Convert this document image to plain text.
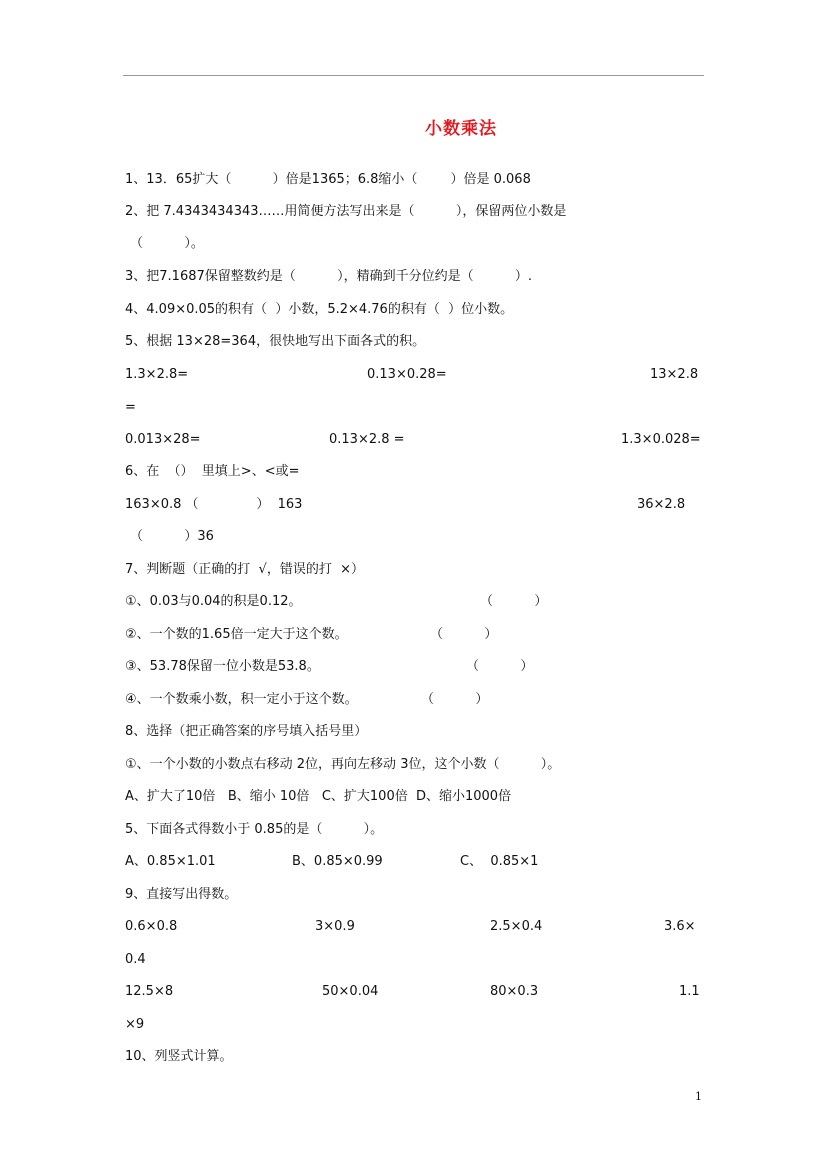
小数乘法
1、13．65扩大（          ）倍是1365；6.8缩小（        ）倍是 0.068
2、把 7.4343434343……用简便方法写出来是（          ），保留两位小数是
（          ）。
3、把7.1687保留整数约是（          ），精确到千分位约是（          ）.
4、4.09×0.05的积有（  ）小数，5.2×4.76的积有（  ）位小数。
5、根据 13×28=364，很快地写出下面各式的积。
1.3×2.8=	0.13×0.28=	13×2.8
=
0.013×28=	0.13×2.8 =	1.3×0.028=
6、在  （）  里填上>、<或=
163×0.8 （              ）  163	36×2.8
（          ）36
7、判断题（正确的打  √，错误的打  ×）
①、0.03与0.04的积是0.12。	（          ）
②、一个数的1.65倍一定大于这个数。	（          ）
③、53.78保留一位小数是53.8。	（          ）
④、一个数乘小数，积一定小于这个数。	（          ）
8、选择（把正确答案的序号填入括号里）
①、一个小数的小数点右移动 2位，再向左移动 3位，这个小数（          ）。
A、扩大了10倍   B、缩小 10倍   C、扩大100倍  D、缩小1000倍
5、下面各式得数小于 0.85的是（          ）。
A、0.85×1.01	B、0.85×0.99	C、  0.85×1
9、直接写出得数。
0.6×0.8	3×0.9	2.5×0.4	3.6×
0.4
12.5×8	50×0.04	80×0.3	1.1
×9
10、列竖式计算。
1
